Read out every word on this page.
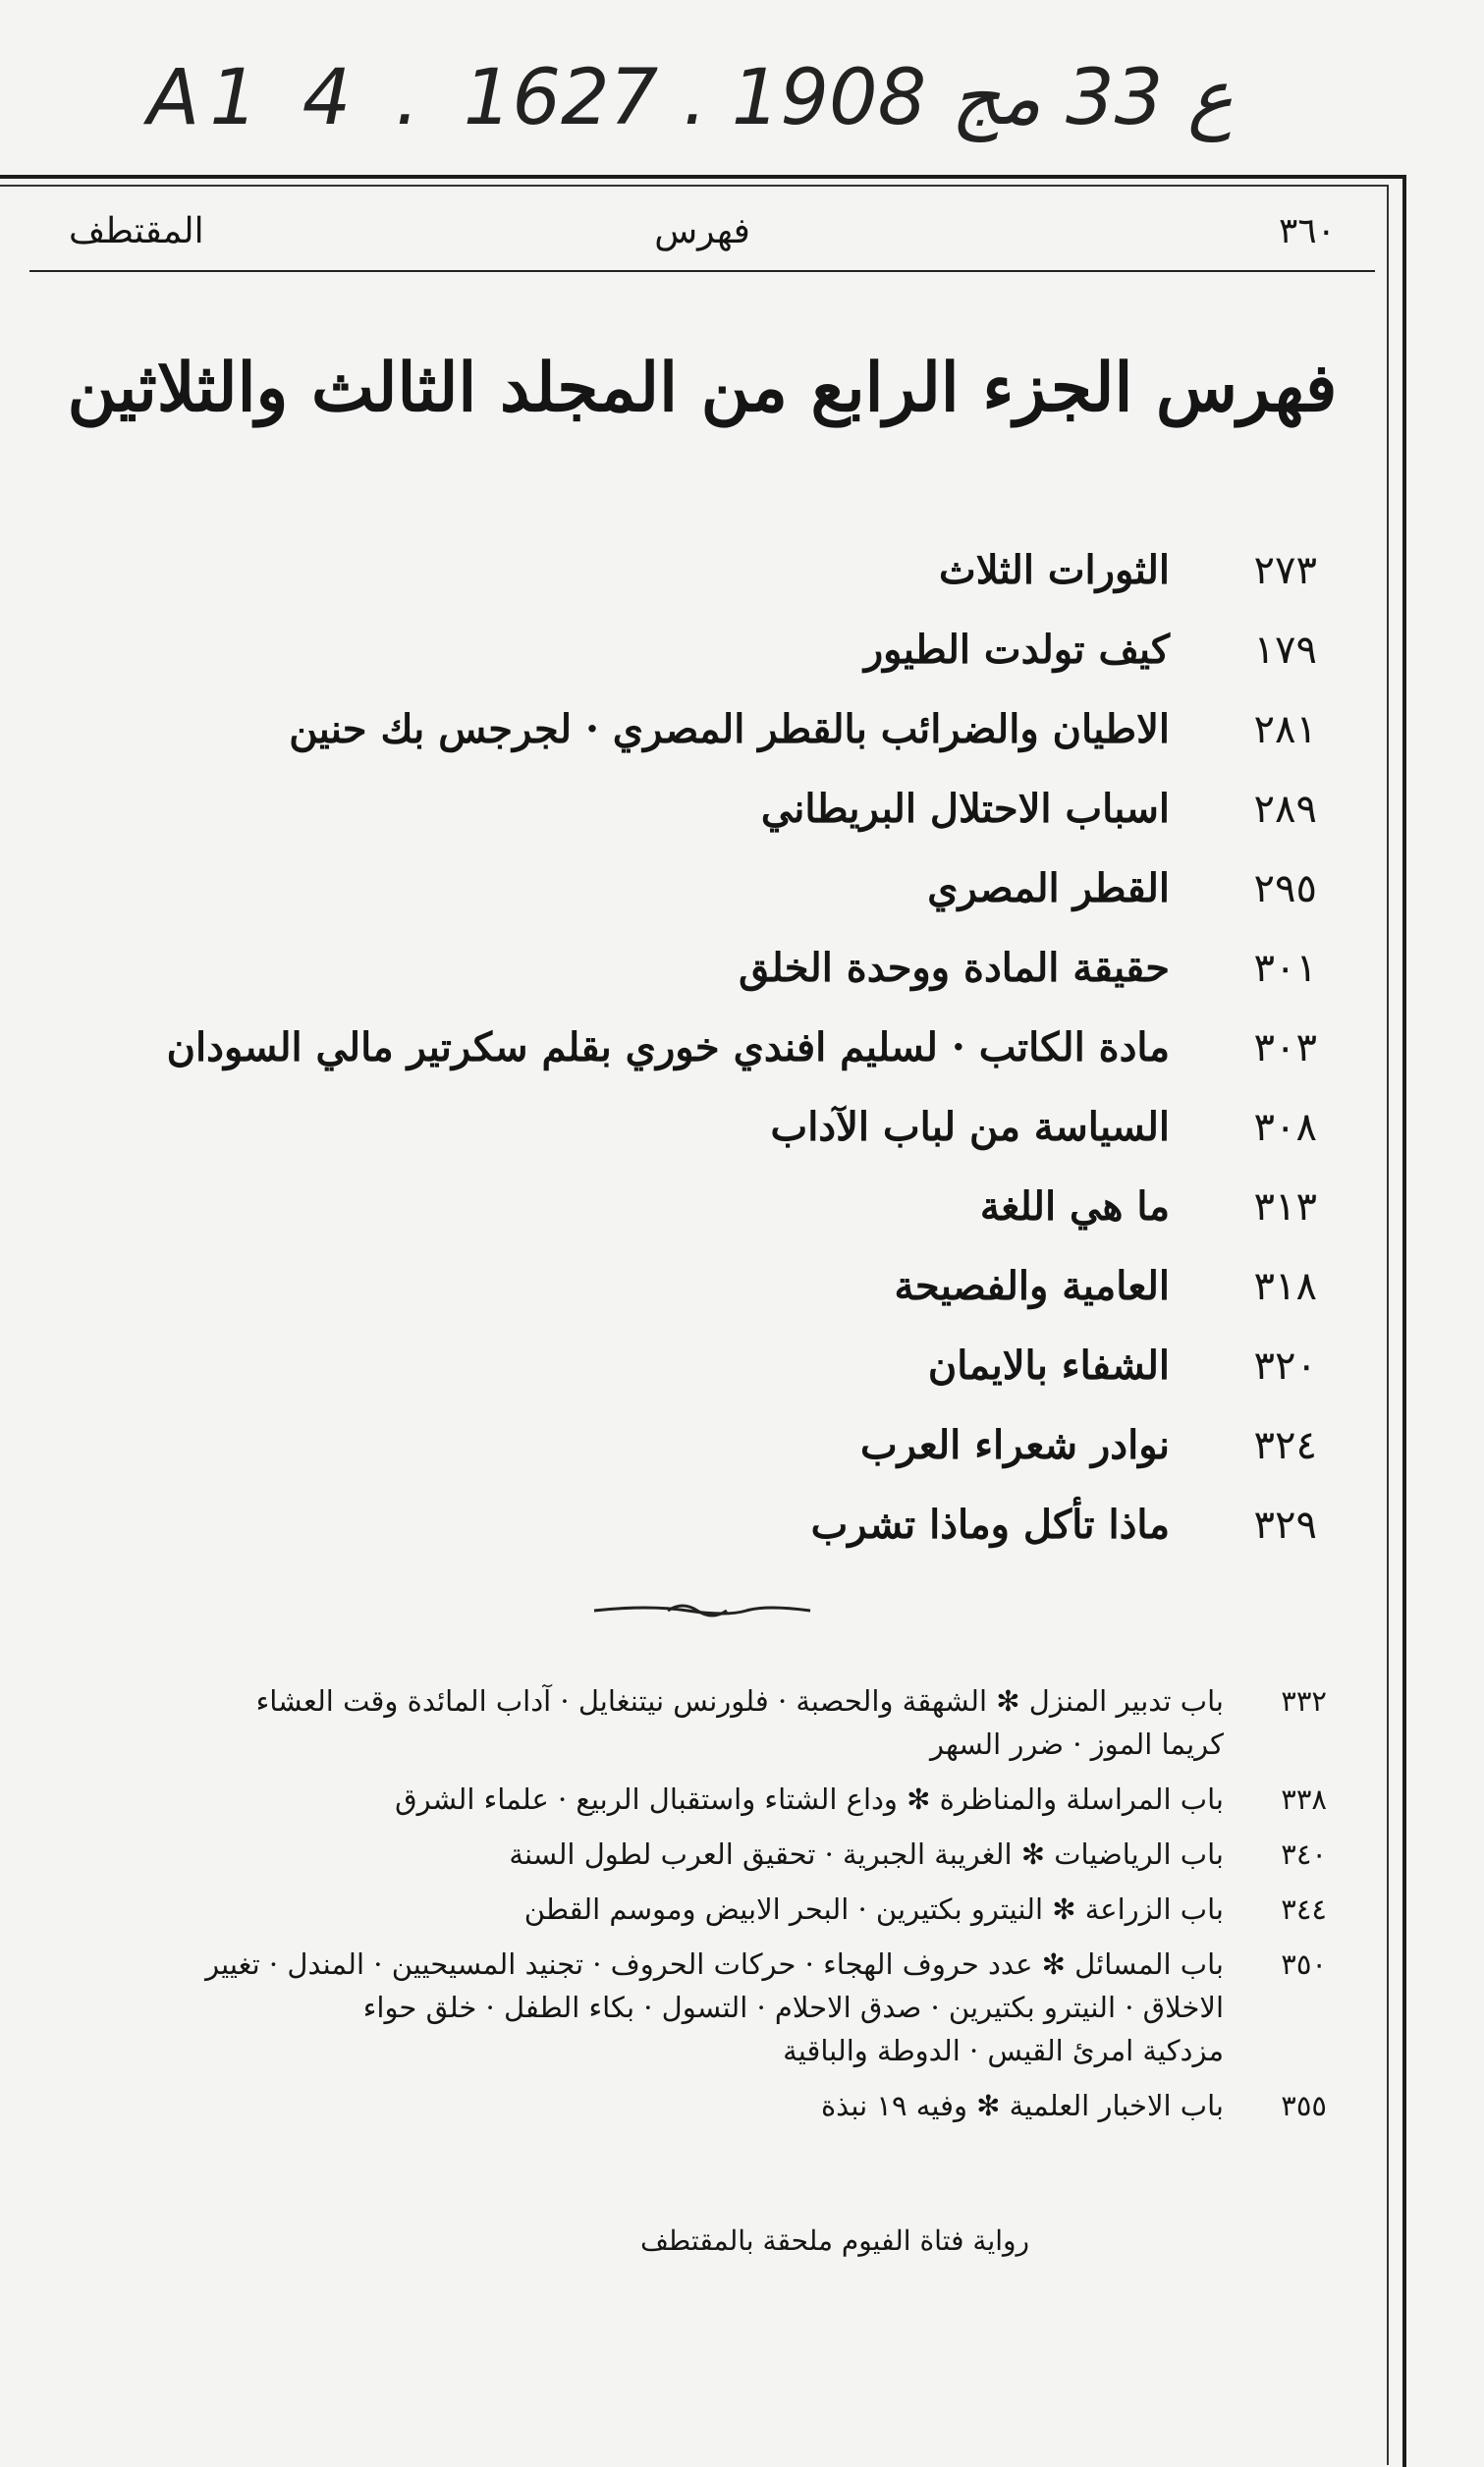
A1 4 . ع 33 مج 1908 . 1627
٣٦٠
فهرس
المقتطف
فهرس الجزء الرابع من المجلد الثالث والثلاثين
٢٧٣
الثورات الثلاث
١٧٩
كيف تولدت الطيور
٢٨١
الاطيان والضرائب بالقطر المصري · لجرجس بك حنين
٢٨٩
اسباب الاحتلال البريطاني
٢٩٥
القطر المصري
٣٠١
حقيقة المادة ووحدة الخلق
٣٠٣
مادة الكاتب · لسليم افندي خوري بقلم سكرتير مالي السودان
٣٠٨
السياسة من لباب الآداب
٣١٣
ما هي اللغة
٣١٨
العامية والفصيحة
٣٢٠
الشفاء بالايمان
٣٢٤
نوادر شعراء العرب
٣٢٩
ماذا تأكل وماذا تشرب
٣٣٢
باب تدبير المنزل ✻ الشهقة والحصبة · فلورنس نيتنغايل · آداب المائدة وقت العشاء
كريما الموز · ضرر السهر
٣٣٨
باب المراسلة والمناظرة ✻ وداع الشتاء واستقبال الربيع · علماء الشرق
٣٤٠
باب الرياضيات ✻ الغريبة الجبرية · تحقيق العرب لطول السنة
٣٤٤
باب الزراعة ✻ النيترو بكتيرين · البحر الابيض وموسم القطن
٣٥٠
باب المسائل ✻ عدد حروف الهجاء · حركات الحروف · تجنيد المسيحيين · المندل · تغيير
الاخلاق · النيترو بكتيرين · صدق الاحلام · التسول · بكاء الطفل · خلق حواء
مزدكية امرئ القيس · الدوطة والباقية
٣٥٥
باب الاخبار العلمية ✻ وفيه ١٩ نبذة
رواية فتاة الفيوم ملحقة بالمقتطف
